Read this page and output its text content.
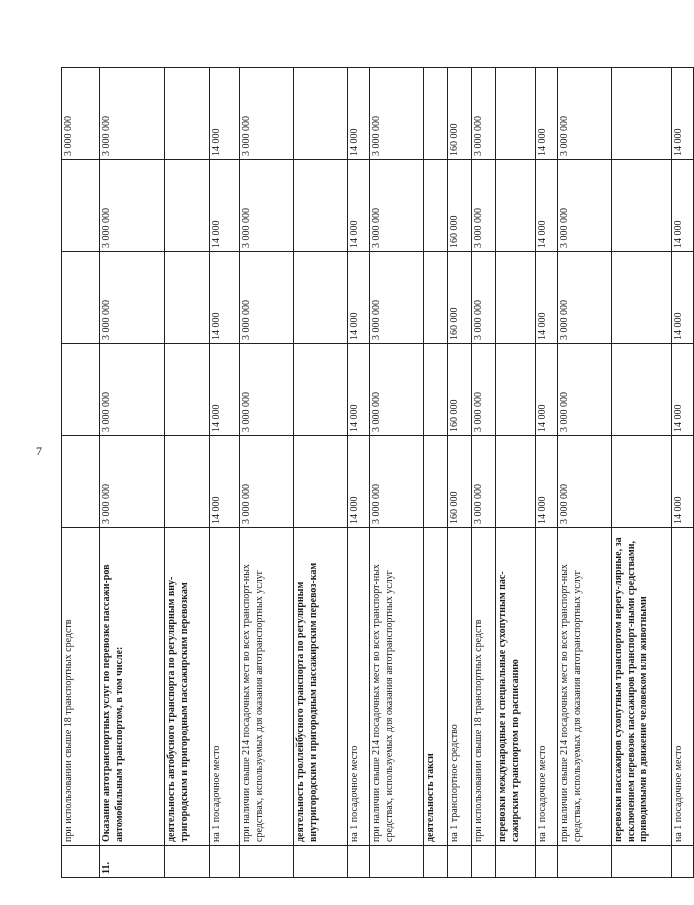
7
	при использовании свыше 18 транспортных средств					3 000 000
11.	Оказание автотранспортных услуг по перевозке пассажи-ров автомобильным транспортом, в том числе:	3 000 000	3 000 000	3 000 000	3 000 000	3 000 000
	деятельность автобусного транспорта по регулярным вну-тригородским и пригородным пассажирским перевозкам					
	на 1 посадочное место	14 000	14 000	14 000	14 000	14 000
	при наличии свыше 214 посадочных мест во всех транспорт-ных средствах, используемых для оказания автотранспортных услуг	3 000 000	3 000 000	3 000 000	3 000 000	3 000 000
	деятельность троллейбусного транспорта по регулярным внутригородским и пригородным пассажирским перевоз-кам					
	на 1 посадочное место	14 000	14 000	14 000	14 000	14 000
	при наличии свыше 214 посадочных мест во всех транспорт-ных средствах, используемых для оказания автотранспортных услуг	3 000 000	3 000 000	3 000 000	3 000 000	3 000 000
	деятельность такси					
	на 1 транспортное средство	160 000	160 000	160 000	160 000	160 000
	при использовании свыше 18 транспортных средств	3 000 000	3 000 000	3 000 000	3 000 000	3 000 000
	перевозки международные и специальные сухопутным пас-сажирским транспортом по расписанию					
	на 1 посадочное место	14 000	14 000	14 000	14 000	14 000
	при наличии свыше 214 посадочных мест во всех транспорт-ных средствах, используемых для оказания автотранспортных услуг	3 000 000	3 000 000	3 000 000	3 000 000	3 000 000
	перевозки пассажиров сухопутным транспортом нерегу-лярные, за исключением перевозок пассажиров транспорт-ными средствами, приводимыми в движение человеком или животными					
	на 1 посадочное место	14 000	14 000	14 000	14 000	14 000
